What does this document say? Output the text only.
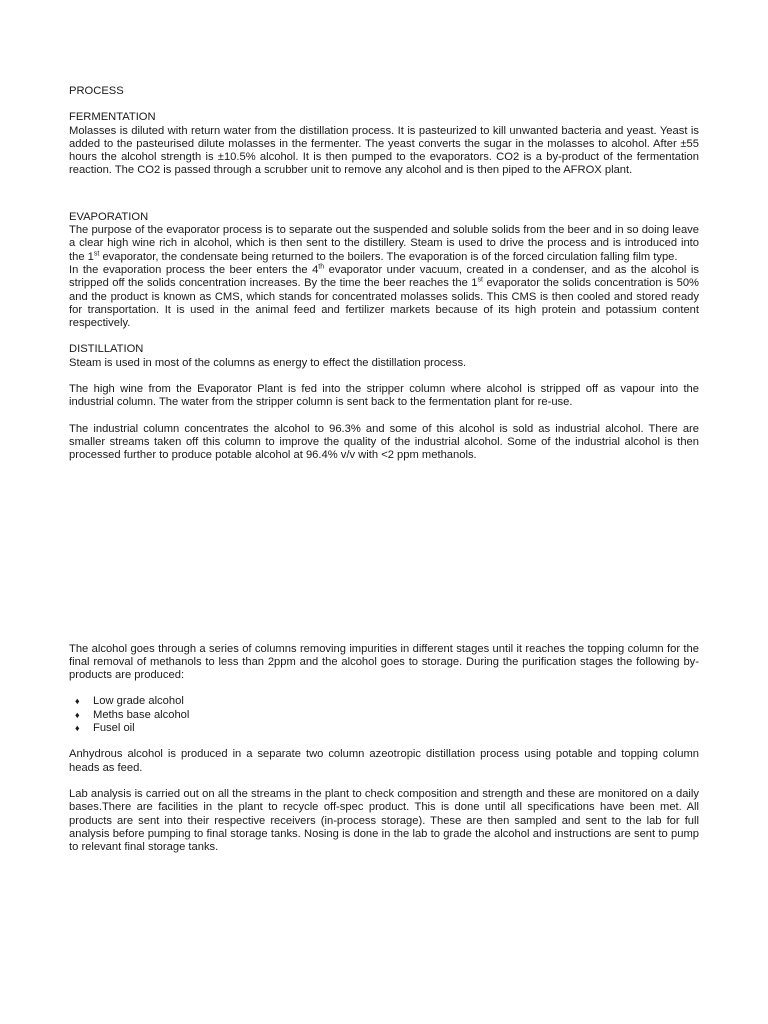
PROCESS

FERMENTATION

Molasses is diluted with return water from the distillation process. It is pasteurized to kill unwanted bacteria and yeast. Yeast is added to the pasteurised dilute molasses in the fermenter. The yeast converts the sugar in the molasses to alcohol. After ±55 hours the alcohol strength is ±10.5% alcohol. It is then pumped to the evaporators. CO2 is a by-product of the fermentation reaction. The CO2 is passed through a scrubber unit to remove any alcohol and is then piped to the AFROX plant.

EVAPORATION

The purpose of the evaporator process is to separate out the suspended and soluble solids from the beer and in so doing leave a clear high wine rich in alcohol, which is then sent to the distillery. Steam is used to drive the process and is introduced into the 1st evaporator, the condensate being returned to the boilers. The evaporation is of the forced circulation falling film type.

In the evaporation process the beer enters the 4th evaporator under vacuum, created in a condenser, and as the alcohol is stripped off the solids concentration increases. By the time the beer reaches the 1st evaporator the solids concentration is 50% and the product is known as CMS, which stands for concentrated molasses solids. This CMS is then cooled and stored ready for transportation. It is used in the animal feed and fertilizer markets because of its high protein and potassium content respectively.

DISTILLATION

Steam is used in most of the columns as energy to effect the distillation process.

The high wine from the Evaporator Plant is fed into the stripper column where alcohol is stripped off as vapour into the industrial column. The water from the stripper column is sent back to the fermentation plant for re-use.

The industrial column concentrates the alcohol to 96.3% and some of this alcohol is sold as industrial alcohol. There are smaller streams taken off this column to improve the quality of the industrial alcohol. Some of the industrial alcohol is then processed further to produce potable alcohol at 96.4% v/v with <2 ppm methanols.

The alcohol goes through a series of columns removing impurities in different stages until it reaches the topping column for the final removal of methanols to less than 2ppm and the alcohol goes to storage. During the purification stages the following by-products are produced:

♦	Low grade alcohol
♦	Meths base alcohol
♦	Fusel oil

Anhydrous alcohol is produced in a separate two column azeotropic distillation process using potable and topping column heads as feed.

Lab analysis is carried out on all the streams in the plant to check composition and strength and these are monitored on a daily bases.There are facilities in the plant to recycle off-spec product. This is done until all specifications have been met. All products are sent into their respective receivers (in-process storage). These are then sampled and sent to the lab for full analysis before pumping to final storage tanks. Nosing is done in the lab to grade the alcohol and instructions are sent to pump to relevant final storage tanks.
